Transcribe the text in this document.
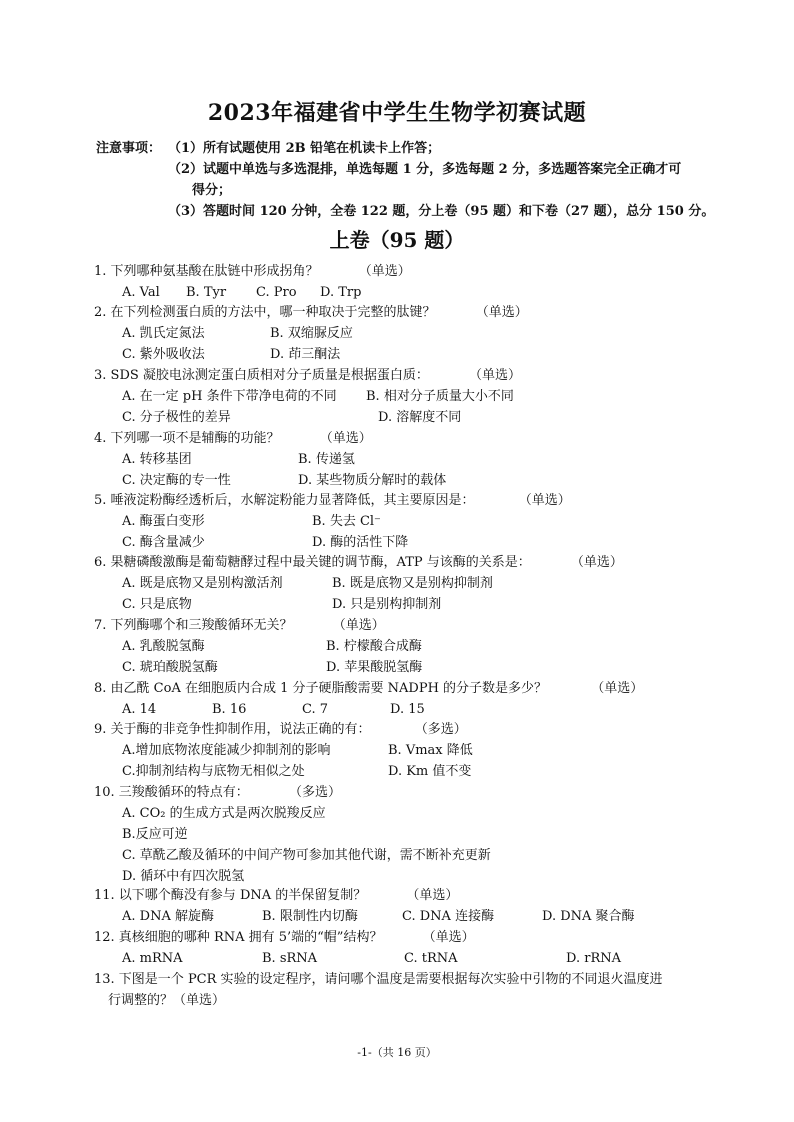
2023年福建省中学生生物学初赛试题
注意事项： （1）所有试题使用 2B 铅笔在机读卡上作答；
（2）试题中单选与多选混排，单选每题 1 分，多选每题 2 分，多选题答案完全正确才可
得分；
（3）答题时间 120 分钟，全卷 122 题，分上卷（95 题）和下卷（27 题），总分 150 分。
上卷（95 题）
1. 下列哪种氨基酸在肽链中形成拐角？	（单选）
A. Val B. Tyr C. Pro D. Trp
2. 在下列检测蛋白质的方法中，哪一种取决于完整的肽键？	（单选）
A. 凯氏定氮法	B. 双缩脲反应
C. 紫外吸收法	D. 茚三酮法
3. SDS 凝胶电泳测定蛋白质相对分子质量是根据蛋白质：	（单选）
A. 在一定 pH 条件下带净电荷的不同 B. 相对分子质量大小不同
C. 分子极性的差异	D. 溶解度不同
4. 下列哪一项不是辅酶的功能？	（单选）
A. 转移基团	B. 传递氢
C. 决定酶的专一性	D. 某些物质分解时的载体
5. 唾液淀粉酶经透析后，水解淀粉能力显著降低，其主要原因是：	（单选）
A. 酶蛋白变形	B. 失去 Cl⁻
C. 酶含量减少	D. 酶的活性下降
6. 果糖磷酸激酶是葡萄糖酵过程中最关键的调节酶，ATP 与该酶的关系是：	（单选）
A. 既是底物又是别构激活剂	B. 既是底物又是别构抑制剂
C. 只是底物	D. 只是别构抑制剂
7. 下列酶哪个和三羧酸循环无关？	（单选）
A. 乳酸脱氢酶	B. 柠檬酸合成酶
C. 琥珀酸脱氢酶	D. 苹果酸脱氢酶
8. 由乙酰 CoA 在细胞质内合成 1 分子硬脂酸需要 NADPH 的分子数是多少？	（单选）
A. 14	B. 16	C. 7	D. 15
9. 关于酶的非竞争性抑制作用，说法正确的有：	（多选）
A.增加底物浓度能减少抑制剂的影响	B. Vmax 降低
C.抑制剂结构与底物无相似之处	D. Km 值不变
10. 三羧酸循环的特点有：	（多选）
A. CO₂ 的生成方式是两次脱羧反应
B.反应可逆
C. 草酰乙酸及循环的中间产物可参加其他代谢，需不断补充更新
D. 循环中有四次脱氢
11. 以下哪个酶没有参与 DNA 的半保留复制？	（单选）
A. DNA 解旋酶	B. 限制性内切酶	C. DNA 连接酶	D. DNA 聚合酶
12. 真核细胞的哪种 RNA 拥有 5’端的“帽”结构？	（单选）
A. mRNA	B. sRNA	C. tRNA	D. rRNA
13. 下图是一个 PCR 实验的设定程序，请问哪个温度是需要根据每次实验中引物的不同退火温度进
行调整的？（单选）
-1-（共 16 页）
